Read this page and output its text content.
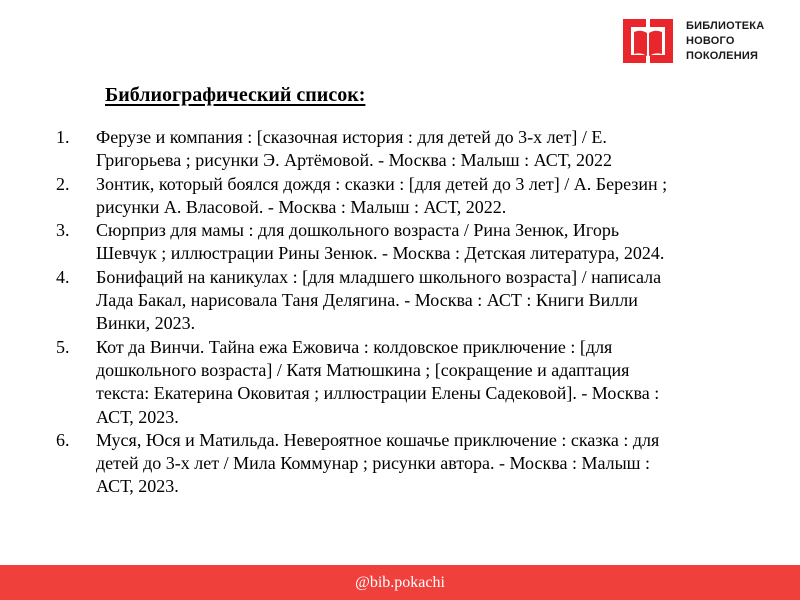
БИБЛИОТЕКА
НОВОГО
ПОКОЛЕНИЯ
Библиографический список:
1. Ферузе и компания : [сказочная история : для детей до 3-х лет] / Е.
Григорьева ; рисунки Э. Артёмовой. - Москва : Малыш : АСТ, 2022
2. Зонтик, который боялся дождя : сказки : [для детей до 3 лет] / А. Березин ;
рисунки А. Власовой. - Москва : Малыш : АСТ, 2022.
3. Сюрприз для мамы : для дошкольного возраста / Рина Зенюк, Игорь
Шевчук ; иллюстрации Рины Зенюк. - Москва : Детская литература, 2024.
4. Бонифаций на каникулах : [для младшего школьного возраста] / написала
Лада Бакал, нарисовала Таня Делягина. - Москва : АСТ : Книги Вилли
Винки, 2023.
5. Кот да Винчи. Тайна ежа Ежовича : колдовское приключение : [для
дошкольного возраста] / Катя Матюшкина ; [сокращение и адаптация
текста: Екатерина Оковитая ; иллюстрации Елены Садековой]. - Москва :
АСТ, 2023.
6. Муся, Юся и Матильда. Невероятное кошачье приключение : сказка : для
детей до 3-х лет / Мила Коммунар ; рисунки автора. - Москва : Малыш :
АСТ, 2023.
@bib.pokachi
